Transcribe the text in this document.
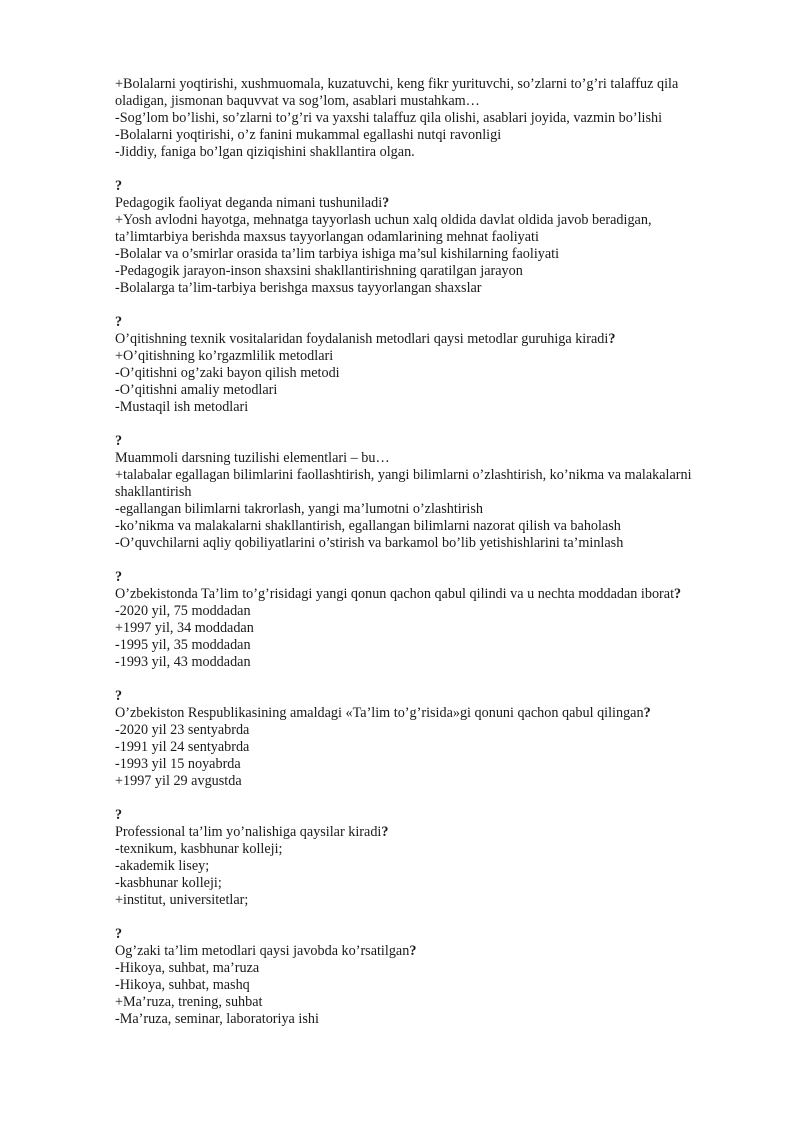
+Bolalarni yoqtirishi, xushmuomala, kuzatuvchi, keng fikr yurituvchi, so’zlarni to’g’ri talaffuz qila
oladigan, jismonan baquvvat va sog’lom, asablari mustahkam…
-Sog’lom bo’lishi, so’zlarni to’g’ri va yaxshi talaffuz qila olishi, asablari joyida, vazmin bo’lishi
-Bolalarni yoqtirishi, o’z fanini mukammal egallashi nutqi ravonligi
-Jiddiy, faniga bo’lgan qiziqishini shakllantira olgan.
?
Pedagogik faoliyat deganda nimani tushuniladi?
+Yosh avlodni hayotga, mehnatga tayyorlash uchun xalq oldida davlat oldida javob beradigan,
ta’limtarbiya berishda maxsus tayyorlangan odamlarining mehnat faoliyati
-Bolalar va o’smirlar orasida ta’lim tarbiya ishiga ma’sul kishilarning faoliyati
-Pedagogik jarayon-inson shaxsini shakllantirishning qaratilgan jarayon
-Bolalarga ta’lim-tarbiya berishga maxsus tayyorlangan shaxslar
?
O’qitishning texnik vositalaridan foydalanish metodlari qaysi metodlar guruhiga kiradi?
+O’qitishning ko’rgazmlilik metodlari
-O’qitishni og’zaki bayon qilish metodi
-O’qitishni amaliy metodlari
-Mustaqil ish metodlari
?
Muammoli darsning tuzilishi elementlari – bu…
+talabalar egallagan bilimlarini faollashtirish, yangi bilimlarni o’zlashtirish, ko’nikma va malakalarni
shakllantirish
-egallangan bilimlarni takrorlash, yangi ma’lumotni o’zlashtirish
-ko’nikma va malakalarni shakllantirish, egallangan bilimlarni nazorat qilish va baholash
-O’quvchilarni aqliy qobiliyatlarini o’stirish va barkamol bo’lib yetishishlarini ta’minlash
?
O’zbekistonda Ta’lim to’g’risidagi yangi qonun qachon qabul qilindi va u nechta moddadan iborat?
-2020 yil, 75 moddadan
+1997 yil, 34 moddadan
-1995 yil, 35 moddadan
-1993 yil, 43 moddadan
?
O’zbekiston Respublikasining amaldagi «Ta’lim to’g’risida»gi qonuni qachon qabul qilingan?
-2020 yil 23 sentyabrda
-1991 yil 24 sentyabrda
-1993 yil 15 noyabrda
+1997 yil 29 avgustda
?
Professional ta’lim yo’nalishiga qaysilar kiradi?
-texnikum, kasbhunar kolleji;
-akademik lisey;
-kasbhunar kolleji;
+institut, universitetlar;
?
Og’zaki ta’lim metodlari qaysi javobda ko’rsatilgan?
-Hikoya, suhbat, ma’ruza
-Hikoya, suhbat, mashq
+Ma’ruza, trening, suhbat
-Ma’ruza, seminar, laboratoriya ishi
